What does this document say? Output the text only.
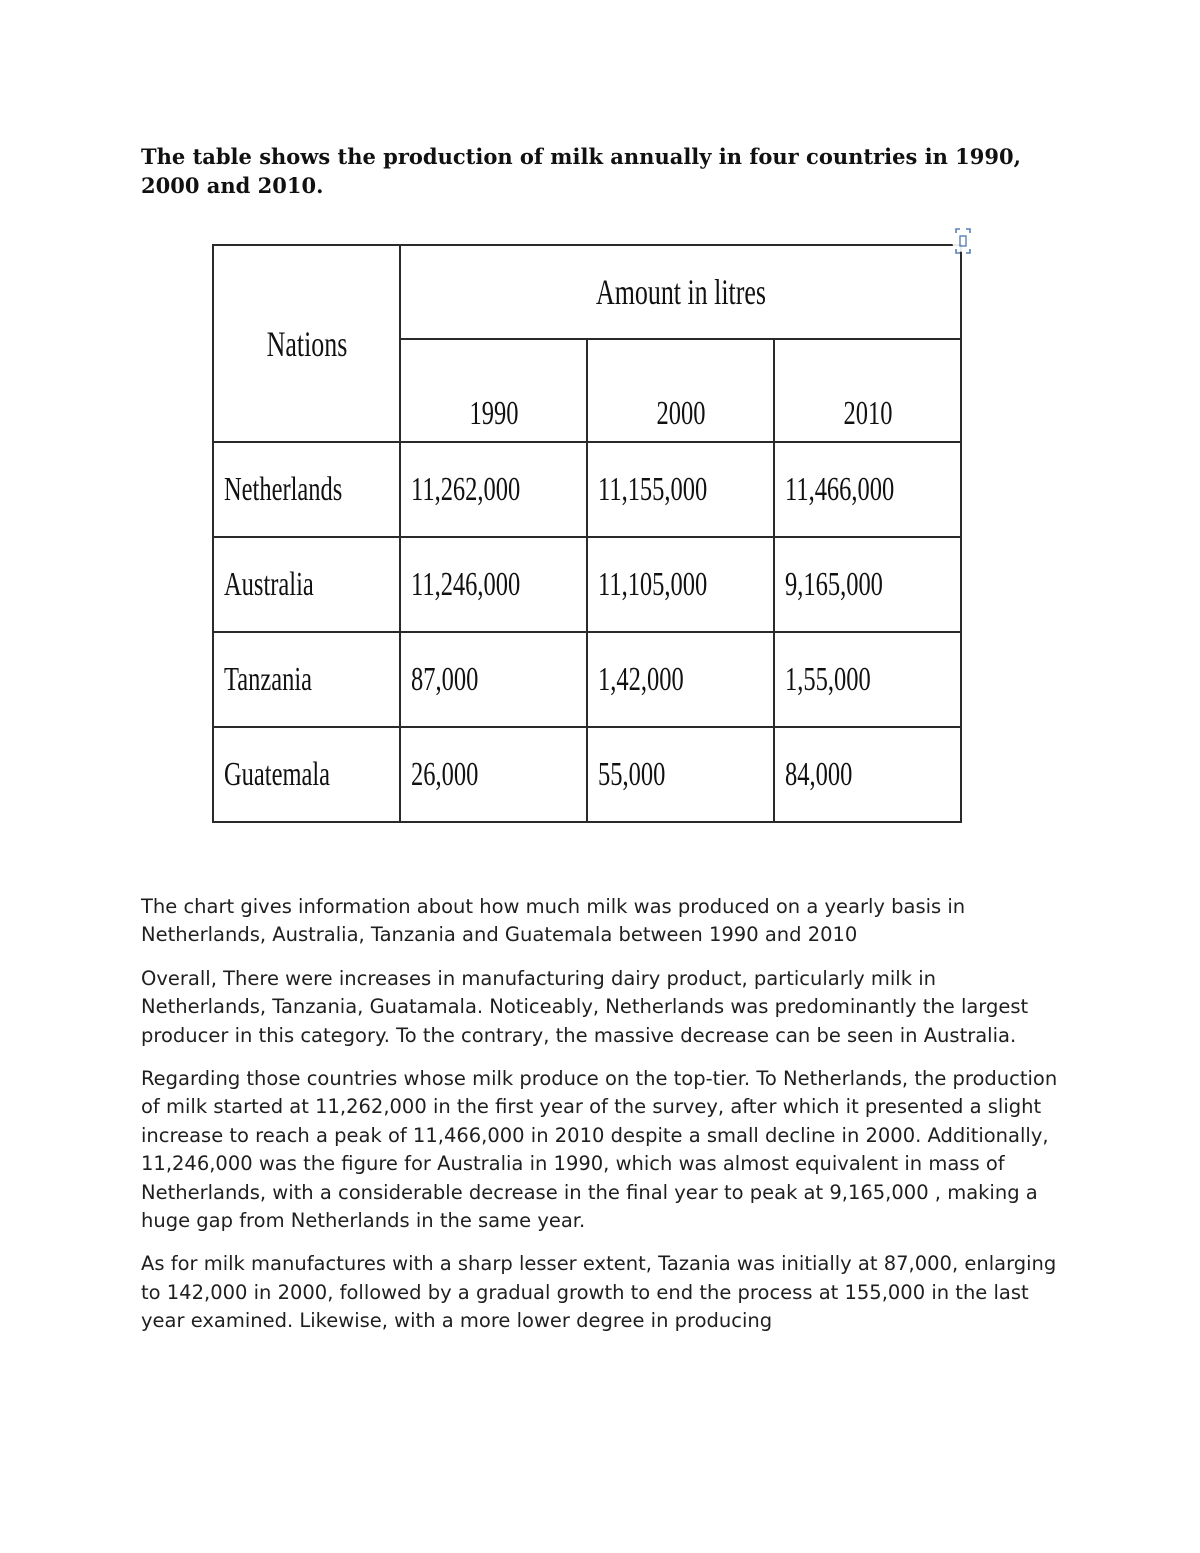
The table shows the production of milk annually in four countries in 1990, 2000 and 2010.
Nations	Amount in litres		
	1990	2000	2010
Netherlands	11,262,000	11,155,000	11,466,000
Australia	11,246,000	11,105,000	9,165,000
Tanzania	87,000	1,42,000	1,55,000
Guatemala	26,000	55,000	84,000

The chart gives information about how much milk was produced on a yearly basis in Netherlands, Australia, Tanzania and Guatemala between 1990 and 2010

Overall, There were increases in manufacturing dairy product, particularly milk in Netherlands, Tanzania, Guatamala. Noticeably, Netherlands was predominantly the largest producer in this category. To the contrary, the massive decrease can be seen in Australia.

Regarding those countries whose milk produce on the top-tier. To Netherlands, the production of milk started at 11,262,000 in the first year of the survey, after which it presented a slight increase to reach a peak of 11,466,000 in 2010 despite a small decline in 2000. Additionally, 11,246,000 was the figure for Australia in 1990, which was almost equivalent in mass of Netherlands, with a considerable decrease in the final year to peak at 9,165,000 , making a huge gap from Netherlands in the same year.

As for milk manufactures with a sharp lesser extent, Tazania was initially at 87,000, enlarging to 142,000 in 2000, followed by a gradual growth to end the process at 155,000 in the last year examined. Likewise, with a more lower degree in producing
